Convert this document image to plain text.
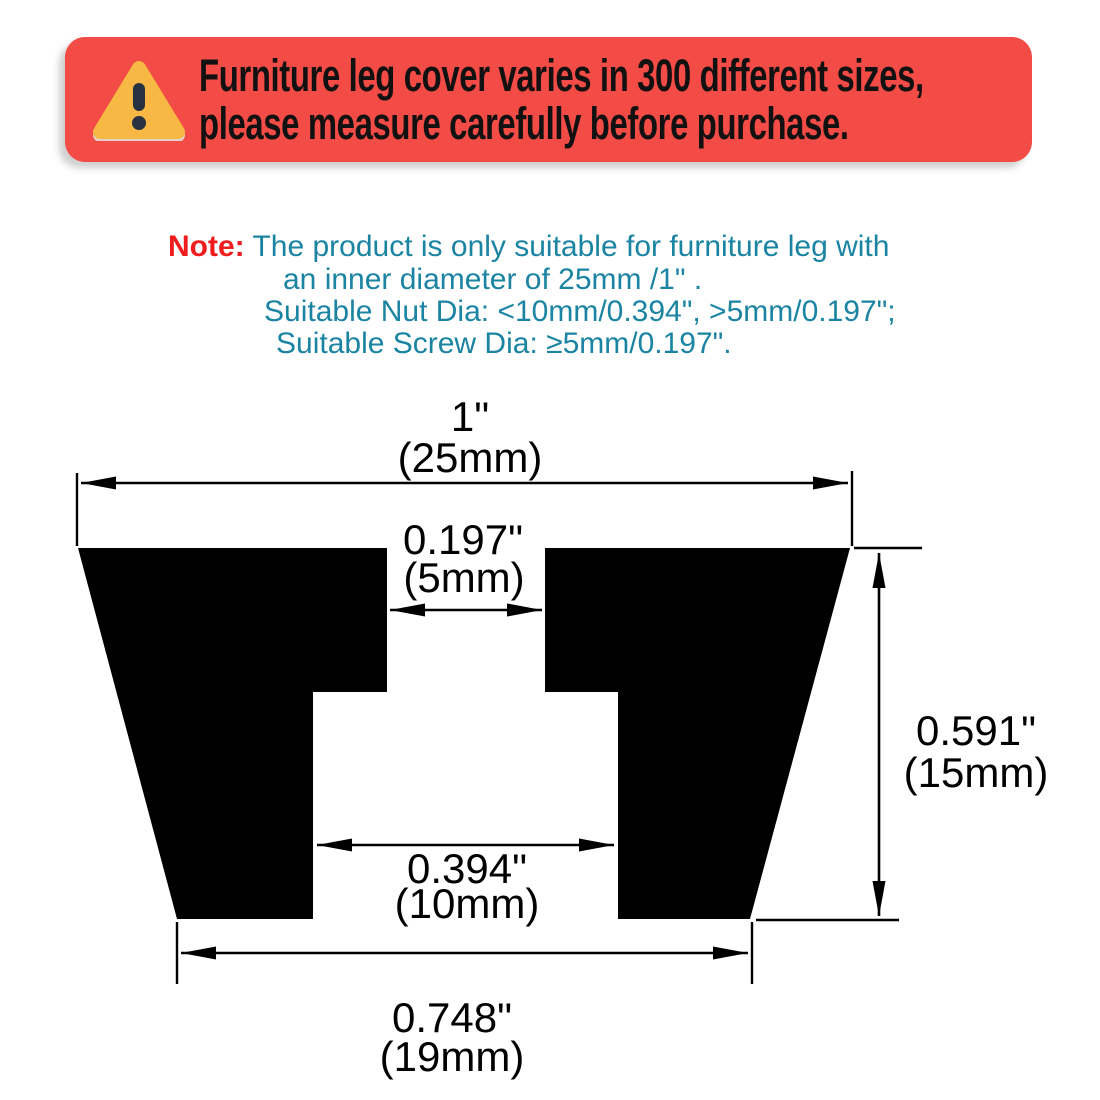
Furniture leg cover varies in 300 different sizes,
please measure carefully before purchase.
Note: The product is only suitable for furniture leg with
an inner diameter of 25mm /1" .
Suitable Nut Dia: <10mm/0.394", >5mm/0.197";
Suitable Screw Dia: ≥5mm/0.197".
1"
(25mm)
0.197"
(5mm)
0.394"
(10mm)
0.591"
(15mm)
0.748"
(19mm)
